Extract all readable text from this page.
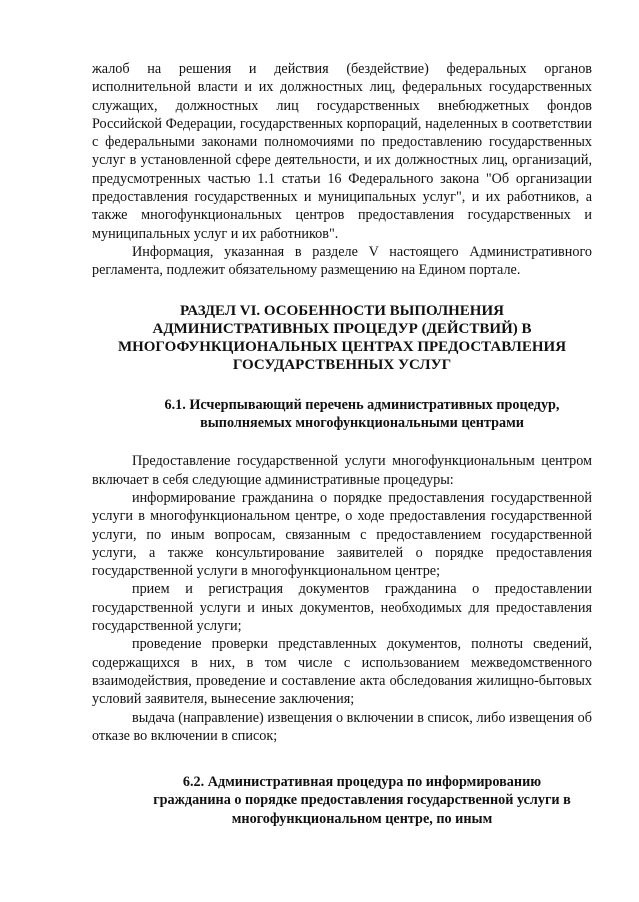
жалоб на решения и действия (бездействие) федеральных органов исполнительной власти и их должностных лиц, федеральных государственных служащих, должностных лиц государственных внебюджетных фондов Российской Федерации, государственных корпораций, наделенных в соответствии с федеральными законами полномочиями по предоставлению государственных услуг в установленной сфере деятельности, и их должностных лиц, организаций, предусмотренных частью 1.1 статьи 16 Федерального закона "Об организации предоставления государственных и муниципальных услуг", и их работников, а также многофункциональных центров предоставления государственных и муниципальных услуг и их работников".

Информация, указанная в разделе V настоящего Административного регламента, подлежит обязательному размещению на Едином портале.

РАЗДЕЛ VI. ОСОБЕННОСТИ ВЫПОЛНЕНИЯ
АДМИНИСТРАТИВНЫХ ПРОЦЕДУР (ДЕЙСТВИЙ) В
МНОГОФУНКЦИОНАЛЬНЫХ ЦЕНТРАХ ПРЕДОСТАВЛЕНИЯ
ГОСУДАРСТВЕННЫХ УСЛУГ
6.1. Исчерпывающий перечень административных процедур,
выполняемых многофункциональными центрами

Предоставление государственной услуги многофункциональным центром включает в себя следующие административные процедуры:

информирование гражданина о порядке предоставления государственной услуги в многофункциональном центре, о ходе предоставления государственной услуги, по иным вопросам, связанным с предоставлением государственной услуги, а также консультирование заявителей о порядке предоставления государственной услуги в многофункциональном центре;

прием и регистрация документов гражданина о предоставлении государственной услуги и иных документов, необходимых для предоставления государственной услуги;

проведение проверки представленных документов, полноты сведений, содержащихся в них, в том числе с использованием межведомственного взаимодействия, проведение и составление акта обследования жилищно-бытовых условий заявителя, вынесение заключения;

выдача (направление) извещения о включении в список, либо извещения об отказе во включении в список;

6.2. Административная процедура по информированию
гражданина о порядке предоставления государственной услуги в
многофункциональном центре, по иным
